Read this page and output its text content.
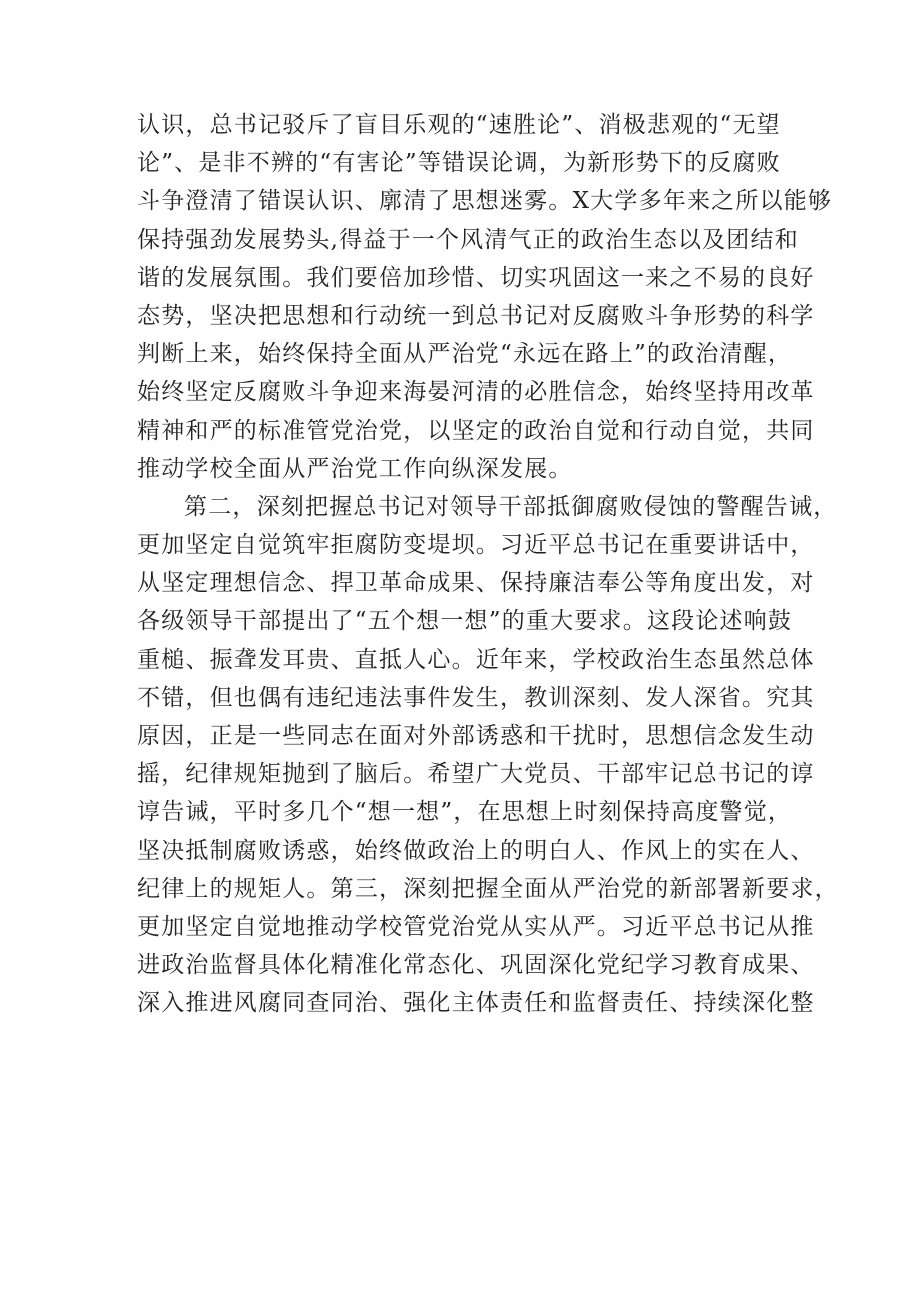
认识，总书记驳斥了盲目乐观的“速胜论”、消极悲观的“无望
论”、是非不辨的“有害论”等错误论调，为新形势下的反腐败
斗争澄清了错误认识、廓清了思想迷雾。X大学多年来之所以能够
保持强劲发展势头,得益于一个风清气正的政治生态以及团结和
谐的发展氛围。我们要倍加珍惜、切实巩固这一来之不易的良好
态势，坚决把思想和行动统一到总书记对反腐败斗争形势的科学
判断上来，始终保持全面从严治党“永远在路上”的政治清醒，
始终坚定反腐败斗争迎来海晏河清的必胜信念，始终坚持用改革
精神和严的标准管党治党，以坚定的政治自觉和行动自觉，共同
推动学校全面从严治党工作向纵深发展。
第二，深刻把握总书记对领导干部抵御腐败侵蚀的警醒告诫，
更加坚定自觉筑牢拒腐防变堤坝。习近平总书记在重要讲话中，
从坚定理想信念、捍卫革命成果、保持廉洁奉公等角度出发，对
各级领导干部提出了“五个想一想”的重大要求。这段论述响鼓
重槌、振聋发耳贵、直抵人心。近年来，学校政治生态虽然总体
不错，但也偶有违纪违法事件发生，教训深刻、发人深省。究其
原因，正是一些同志在面对外部诱惑和干扰时，思想信念发生动
摇，纪律规矩抛到了脑后。希望广大党员、干部牢记总书记的谆
谆告诫，平时多几个“想一想”，在思想上时刻保持高度警觉，
坚决抵制腐败诱惑，始终做政治上的明白人、作风上的实在人、
纪律上的规矩人。第三，深刻把握全面从严治党的新部署新要求，
更加坚定自觉地推动学校管党治党从实从严。习近平总书记从推
进政治监督具体化精准化常态化、巩固深化党纪学习教育成果、
深入推进风腐同查同治、强化主体责任和监督责任、持续深化整
